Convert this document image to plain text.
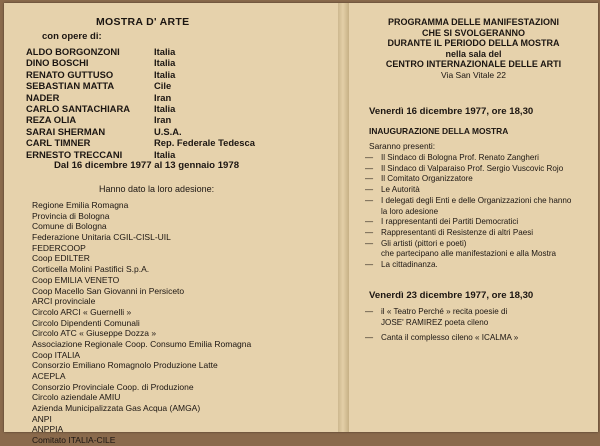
MOSTRA D' ARTE
con opere di:
ALDO BORGONZONI	Italia
DINO BOSCHI	Italia
RENATO GUTTUSO	Italia
SEBASTIAN MATTA	Cile
NADER	Iran
CARLO SANTACHIARA	Italia
REZA OLIA	Iran
SARAI SHERMAN	U.S.A.
CARL TIMNER	Rep. Federale Tedesca
ERNESTO TRECCANI	Italia
Dal 16 dicembre 1977 al 13 gennaio 1978
Hanno dato la loro adesione:
Regione Emilia Romagna
Provincia di Bologna
Comune di Bologna
Federazione Unitaria CGIL-CISL-UIL
FEDERCOOP
Coop EDILTER
Corticella Molini Pastifici S.p.A.
Coop EMILIA VENETO
Coop Macello San Giovanni in Persiceto
ARCI provinciale
Circolo ARCI « Guernelli »
Circolo Dipendenti Comunali
Circolo ATC « Giuseppe Dozza »
Associazione Regionale Coop. Consumo Emilia Romagna
Coop ITALIA
Consorzio Emiliano Romagnolo Produzione Latte
ACEPLA
Consorzio Provinciale Coop. di Produzione
Circolo aziendale AMIU
Azienda Municipalizzata Gas Acqua (AMGA)
ANPI
ANPPIA
Comitato ITALIA-CILE
PROGRAMMA DELLE MANIFESTAZIONI
CHE SI SVOLGERANNO
DURANTE IL PERIODO DELLA MOSTRA
nella sala del
CENTRO INTERNAZIONALE DELLE ARTI
Via San Vitale 22
Venerdì 16 dicembre 1977, ore 18,30
INAUGURAZIONE DELLA MOSTRA
Saranno presenti:
— Il Sindaco di Bologna Prof. Renato Zangheri
— Il Sindaco di Valparaiso Prof. Sergio Vuscovic Rojo
— Il Comitato Organizzatore
— Le Autorità
— I delegati degli Enti e delle Organizzazioni che hanno
la loro adesione
— I rappresentanti dei Partiti Democratici
— Rappresentanti di Resistenze di altri Paesi
— Gli artisti (pittori e poeti)
che partecipano alle manifestazioni e alla Mostra
— La cittadinanza.
Venerdì 23 dicembre 1977, ore 18,30
— il « Teatro Perché » recita poesie di
JOSE' RAMIREZ poeta cileno
— Canta il complesso cileno « ICALMA »
